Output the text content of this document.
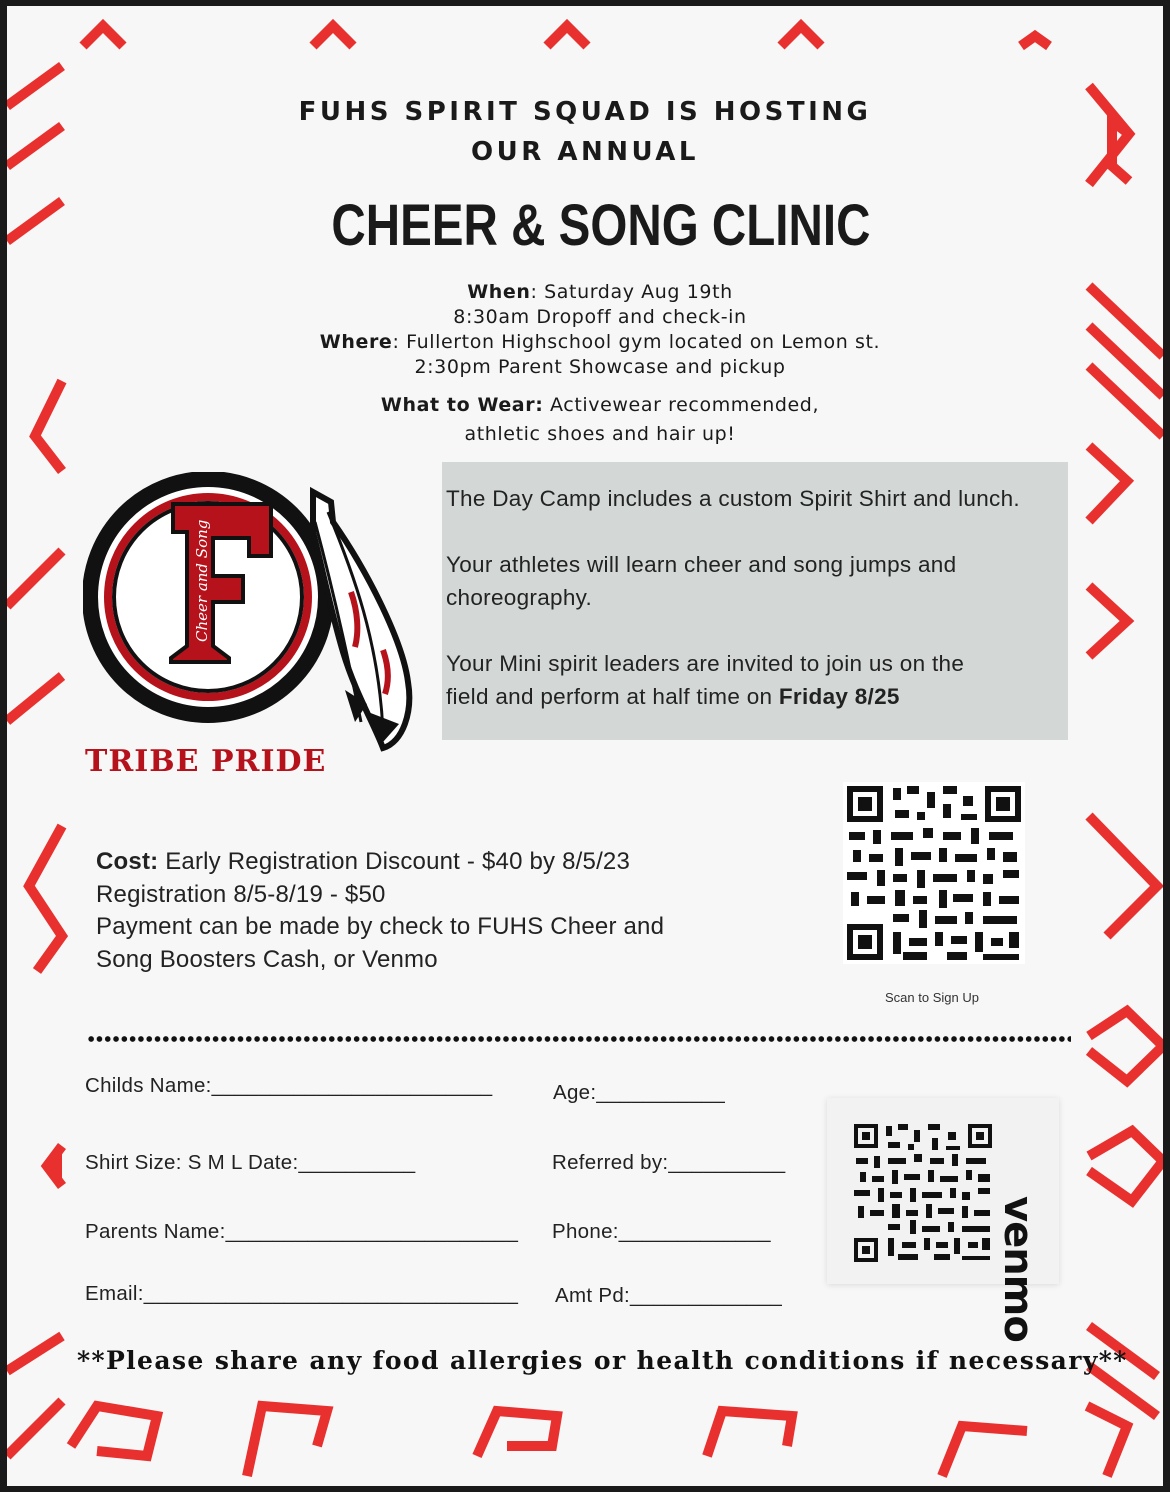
FUHS SPIRIT SQUAD IS HOSTING
OUR ANNUAL
CHEER & SONG CLINIC
When: Saturday Aug 19th
8:30am Dropoff and check-in
Where: Fullerton Highschool gym located on Lemon st.
2:30pm Parent Showcase and pickup
What to Wear: Activewear recommended,
athletic shoes and hair up!
Cheer and Song
TRIBE PRIDE

The Day Camp includes a custom Spirit Shirt and lunch.

Your athletes will learn cheer and song jumps and

choreography.

Your Mini spirit leaders are invited to join us on the

field and perform at half time on Friday 8/25

Scan to Sign Up
Cost: Early Registration Discount - $40 by 8/5/23
Registration 8/5-8/19 - $50
Payment can be made by check to FUHS Cheer and
Song Boosters Cash, or Venmo
Childs Name:________________________	Age:___________
Shirt Size: S M L Date:__________	Referred by:__________
Parents Name:_________________________ Phone:_____________
Email:________________________________ Amt Pd:_____________	venmo
**Please share any food allergies or health conditions if necessary**
